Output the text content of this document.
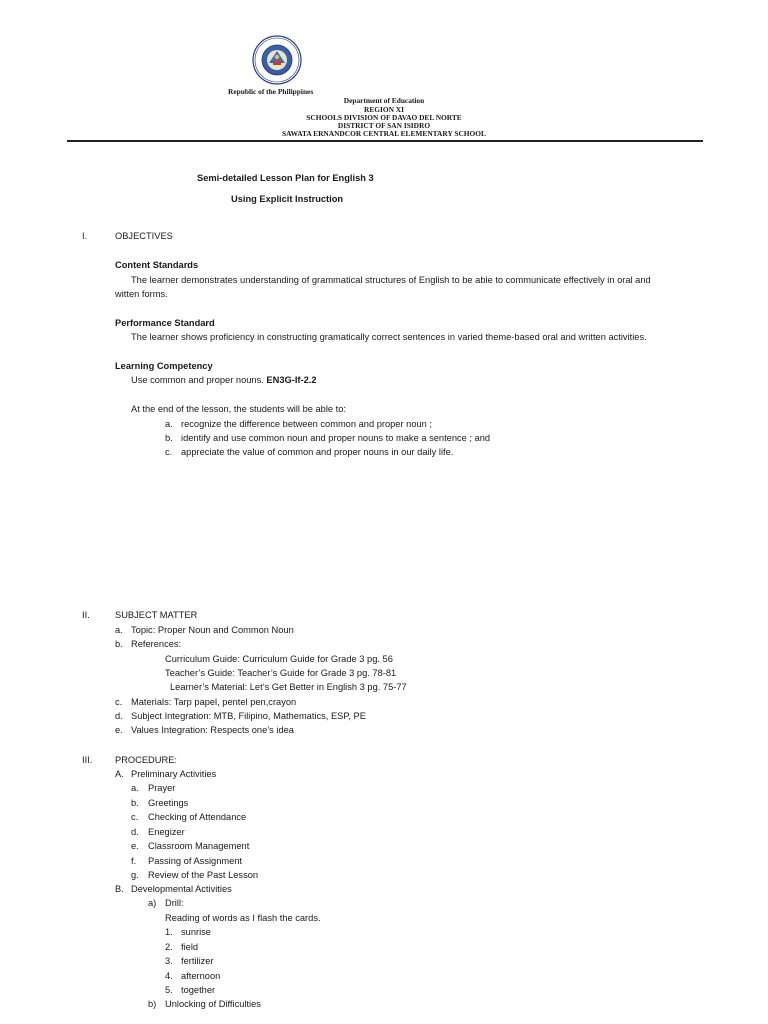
Republic of the Philippines
Department of Education
REGION XI
SCHOOLS DIVISION OF DAVAO DEL NORTE
DISTRICT OF SAN ISIDRO
SAWATA ERNANDCOR CENTRAL ELEMENTARY SCHOOL
Semi-detailed Lesson Plan for English 3
Using Explicit Instruction
I.	OBJECTIVES
Content Standards
The learner demonstrates understanding of grammatical structures of English to be able to communicate effectively in oral and
witten forms.
Performance Standard
The learner shows proficiency in constructing gramatically correct sentences in varied theme-based oral and written activities.
Learning Competency
Use common and proper nouns. EN3G-If-2.2
At the end of the lesson, the students will be able to:
a. recognize the difference between common and proper noun ;
b. identify and use common noun and proper nouns to make a sentence ; and
c. appreciate the value of common and proper nouns in our daily life.
II.	SUBJECT MATTER
a. Topic: Proper Noun and Common Noun
b. References:
Curriculum Guide: Curriculum Guide for Grade 3 pg. 56
Teacher’s Guide: Teacher’s Guide for Grade 3 pg. 78-81
Learner’s Material: Let’s Get Better in English 3 pg. 75-77
c. Materials: Tarp papel, pentel pen,crayon
d. Subject Integration: MTB, Filipino, Mathematics, ESP, PE
e. Values Integration: Respects one’s idea
III. PROCEDURE:
A. Preliminary Activities
a. Prayer
b. Greetings
c. Checking of Attendance
d. Enegizer
e. Classroom Management
f. Passing of Assignment
g. Review of the Past Lesson
B. Developmental Activities
a) Drill:
Reading of words as I flash the cards.
1. sunrise
2. field
3. fertilizer
4. afternoon
5. together
b) Unlocking of Difficulties
